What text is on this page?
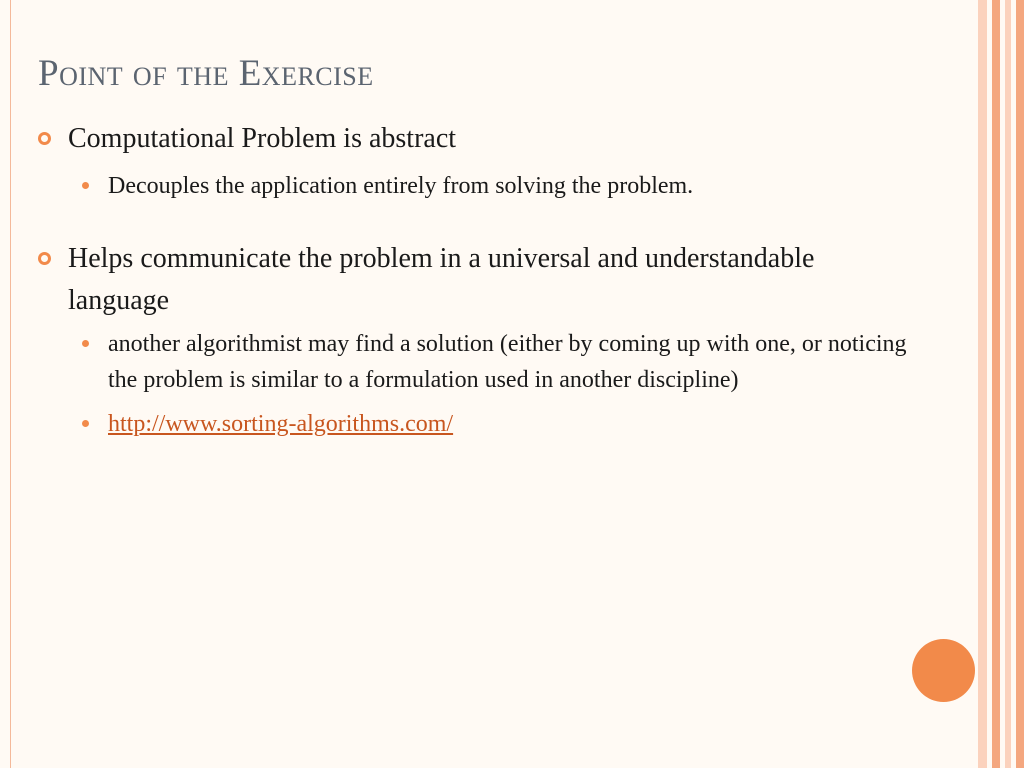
Point of the Exercise
Computational Problem is abstract
Decouples the application entirely from solving the problem.
Helps communicate the problem in a universal and understandable language
another algorithmist may find a solution (either by coming up with one, or noticing the problem is similar to a formulation used in another discipline)
http://www.sorting-algorithms.com/
